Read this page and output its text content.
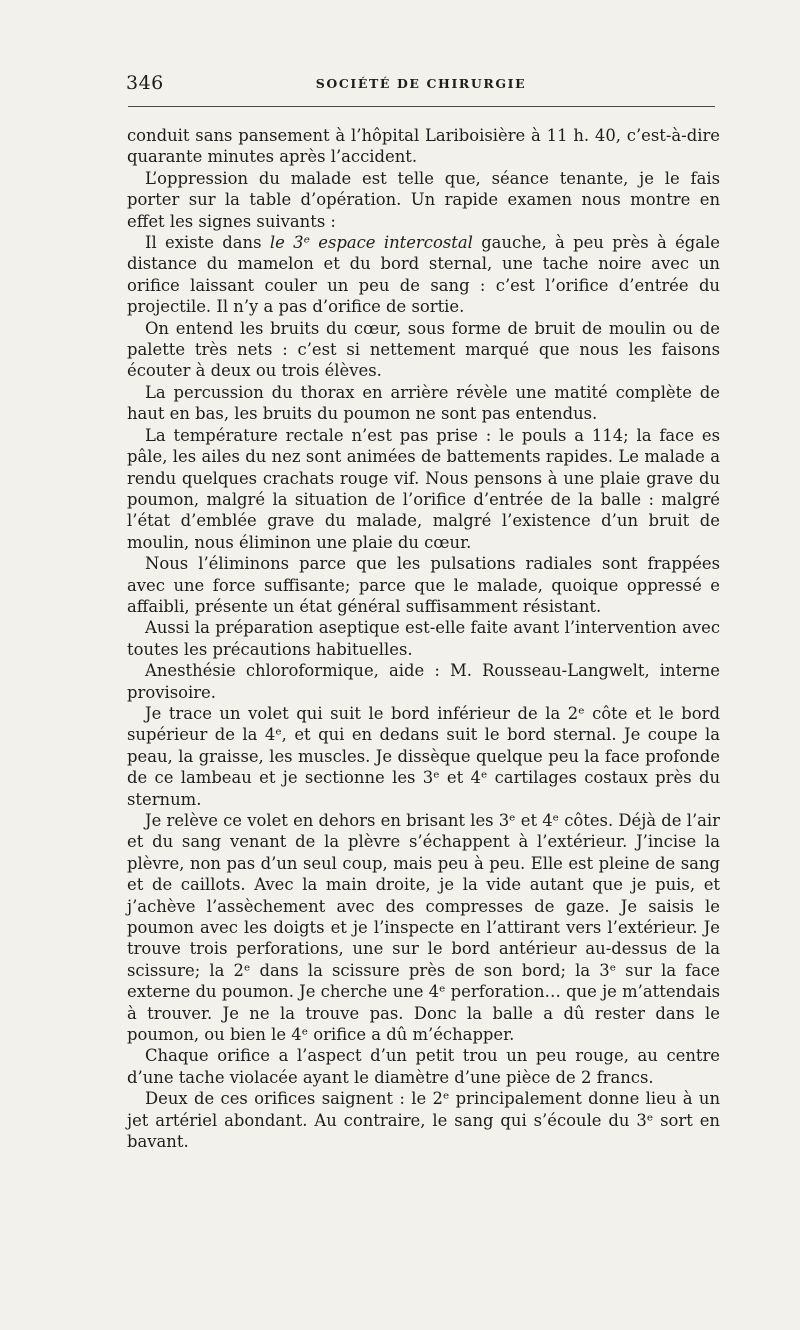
346	SOCIÉTÉ DE CHIRURGIE

conduit sans pansement à l’hôpital Lariboisière à 11 h. 40, c’est-à-dire quarante minutes après l’accident.

L’oppression du malade est telle que, séance tenante, je le fais porter sur la table d’opération. Un rapide examen nous montre en effet les signes suivants :

Il existe dans le 3ᵉ espace intercostal gauche, à peu près à égale distance du mamelon et du bord sternal, une tache noire avec un orifice laissant couler un peu de sang : c’est l’orifice d’entrée du projectile. Il n’y a pas d’orifice de sortie.

On entend les bruits du cœur, sous forme de bruit de moulin ou de palette très nets : c’est si nettement marqué que nous les faisons écouter à deux ou trois élèves.

La percussion du thorax en arrière révèle une matité complète de haut en bas, les bruits du poumon ne sont pas entendus.

La température rectale n’est pas prise : le pouls a 114; la face es pâle, les ailes du nez sont animées de battements rapides. Le malade a rendu quelques crachats rouge vif. Nous pensons à une plaie grave du poumon, malgré la situation de l’orifice d’entrée de la balle : malgré l’état d’emblée grave du malade, malgré l’existence d’un bruit de moulin, nous éliminon une plaie du cœur.

Nous l’éliminons parce que les pulsations radiales sont frappées avec une force suffisante; parce que le malade, quoique oppressé e affaibli, présente un état général suffisamment résistant.

Aussi la préparation aseptique est-elle faite avant l’intervention avec toutes les précautions habituelles.

Anesthésie chloroformique, aide : M. Rousseau-Langwelt, interne provisoire.

Je trace un volet qui suit le bord inférieur de la 2ᵉ côte et le bord supérieur de la 4ᵉ, et qui en dedans suit le bord sternal. Je coupe la peau, la graisse, les muscles. Je dissèque quelque peu la face profonde de ce lambeau et je sectionne les 3ᵉ et 4ᵉ cartilages costaux près du sternum.

Je relève ce volet en dehors en brisant les 3ᵉ et 4ᵉ côtes. Déjà de l’air et du sang venant de la plèvre s’échappent à l’extérieur. J’incise la plèvre, non pas d’un seul coup, mais peu à peu. Elle est pleine de sang et de caillots. Avec la main droite, je la vide autant que je puis, et j’achève l’assèchement avec des compresses de gaze. Je saisis le poumon avec les doigts et je l’inspecte en l’attirant vers l’extérieur. Je trouve trois perforations, une sur le bord antérieur au-dessus de la scissure; la 2ᵉ dans la scissure près de son bord; la 3ᵉ sur la face externe du poumon. Je cherche une 4ᵉ perforation… que je m’attendais à trouver. Je ne la trouve pas. Donc la balle a dû rester dans le poumon, ou bien le 4ᵉ orifice a dû m’échapper.

Chaque orifice a l’aspect d’un petit trou un peu rouge, au centre d’une tache violacée ayant le diamètre d’une pièce de 2 francs.

Deux de ces orifices saignent : le 2ᵉ principalement donne lieu à un jet artériel abondant. Au contraire, le sang qui s’écoule du 3ᵉ sort en bavant.
